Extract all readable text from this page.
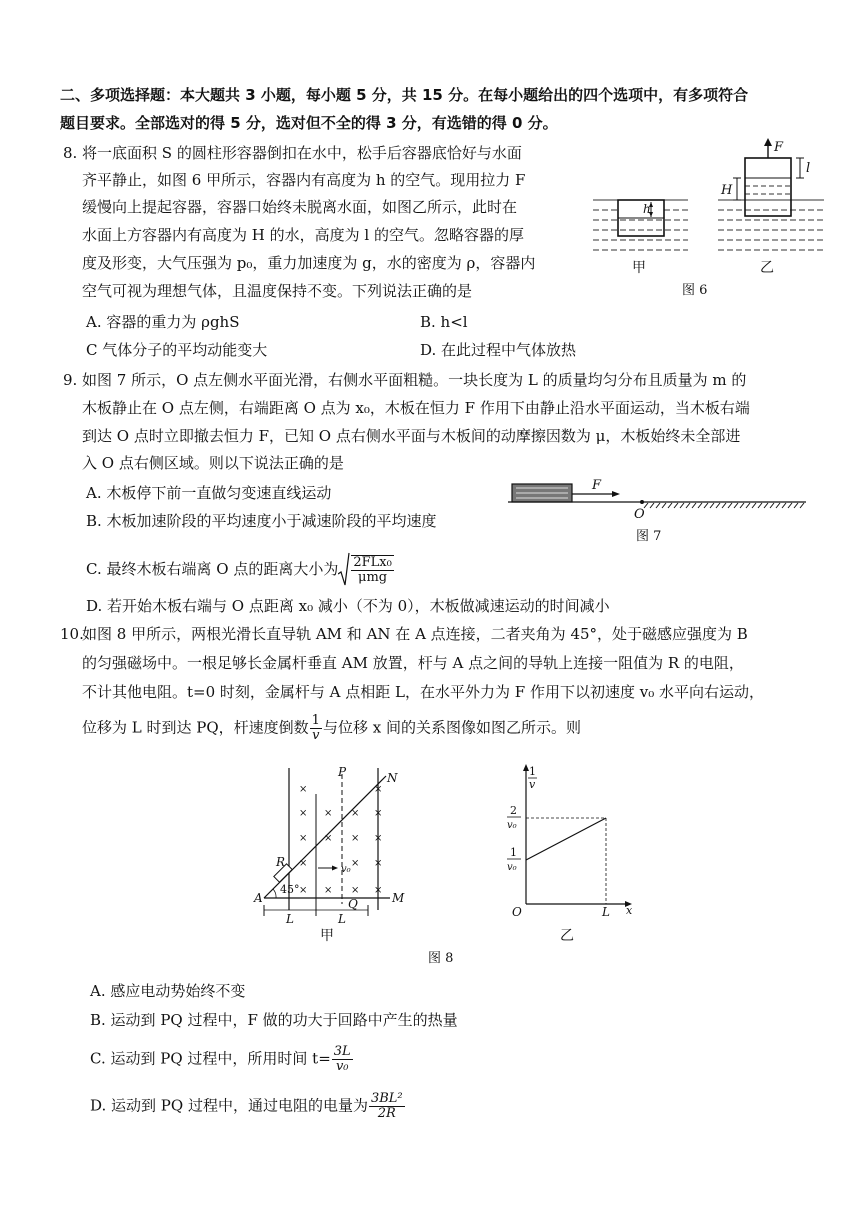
二、多项选择题：本大题共 3 小题，每小题 5 分，共 15 分。在每小题给出的四个选项中，有多项符合
题目要求。全部选对的得 5 分，选对但不全的得 3 分，有选错的得 0 分。
8. 将一底面积 S 的圆柱形容器倒扣在水中，松手后容器底恰好与水面
齐平静止，如图 6 甲所示，容器内有高度为 h 的空气。现用拉力 F
缓慢向上提起容器，容器口始终未脱离水面，如图乙所示，此时在
水面上方容器内有高度为 H 的水，高度为 l 的空气。忽略容器的厚
度及形变，大气压强为 p₀，重力加速度为 g，水的密度为 ρ，容器内
空气可视为理想气体，且温度保持不变。下列说法正确的是
A. 容器的重力为 ρghS	B. h<l
C 气体分子的平均动能变大	D. 在此过程中气体放热
h
F
l
H
甲	乙
图 6
9. 如图 7 所示，O 点左侧水平面光滑，右侧水平面粗糙。一块长度为 L 的质量均匀分布且质量为 m 的
木板静止在 O 点左侧，右端距离 O 点为 x₀，木板在恒力 F 作用下由静止沿水平面运动，当木板右端
到达 O 点时立即撤去恒力 F，已知 O 点右侧水平面与木板间的动摩擦因数为 μ，木板始终未全部进
入 O 点右侧区域。则以下说法正确的是
A. 木板停下前一直做匀变速直线运动
B. 木板加速阶段的平均速度小于减速阶段的平均速度
C. 最终木板右端离 O 点的距离大小为 $\frac{\text{2FLx₀}}{\text{μmg}}$
D. 若开始木板右端与 O 点距离 x₀ 减小（不为 0），木板做减速运动的时间减小
F
O
图 7
10.
如图 8 甲所示，两根光滑长直导轨 AM 和 AN 在 A 点连接，二者夹角为 45°，处于磁感应强度为 B
的匀强磁场中。一根足够长金属杆垂直 AM 放置，杆与 A 点之间的导轨上连接一阻值为 R 的电阻，
不计其他电阻。t=0 时刻，金属杆与 A 点相距 L，在水平外力为 F 作用下以初速度 v₀ 水平向右运动，
位移为 L 时到达 PQ，杆速度倒数 $\frac{1}{v}$ 与位移 x 间的关系图像如图乙所示。则
×
×
×
×
×
×
×
×
×
×
×
×
×
×
×
×
×
v₀
45°
A	M
N
P
Q
R
L	L
甲
1
v
2
v₀
1
v₀
O	L x
乙
图 8
A. 感应电动势始终不变
B. 运动到 PQ 过程中，F 做的功大于回路中产生的热量
C. 运动到 PQ 过程中，所用时间 $t= \frac{3L}{\text{v₀}}$
D. 运动到 PQ 过程中，通过电阻的电量为 $\frac{\text{3BL²}}{2R}$
